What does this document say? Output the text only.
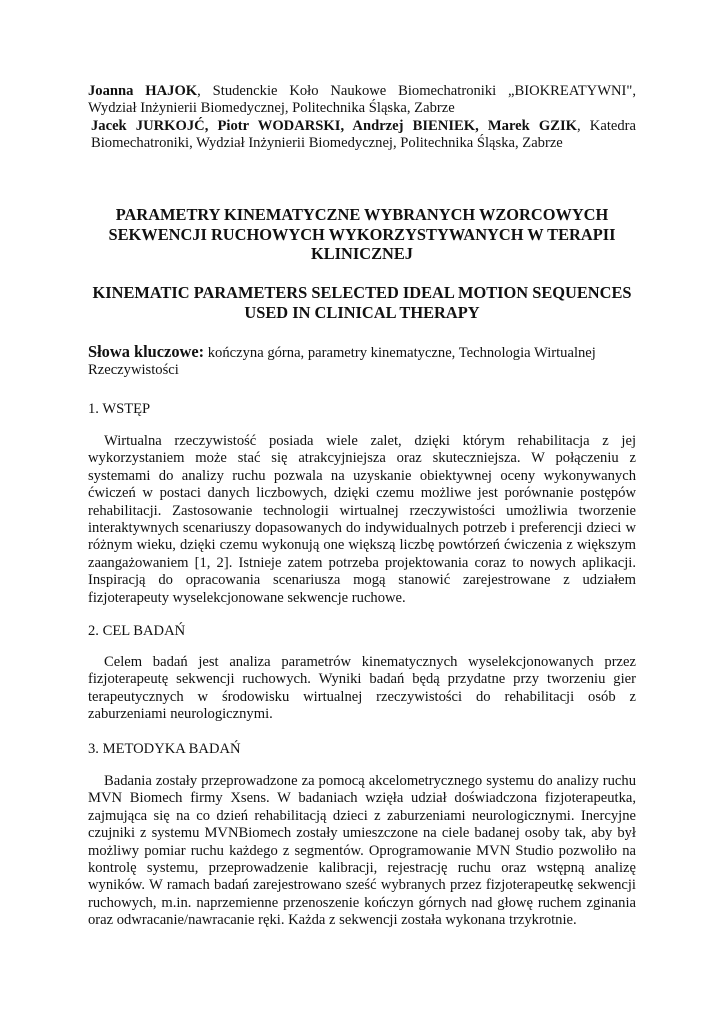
Joanna HAJOK, Studenckie Koło Naukowe Biomechatroniki „BIOKREATYWNI", Wydział Inżynierii Biomedycznej, Politechnika Śląska, Zabrze

Jacek JURKOJĆ, Piotr WODARSKI, Andrzej BIENIEK, Marek GZIK, Katedra Biomechatroniki, Wydział Inżynierii Biomedycznej, Politechnika Śląska, Zabrze

PARAMETRY KINEMATYCZNE WYBRANYCH WZORCOWYCH SEKWENCJI RUCHOWYCH WYKORZYSTYWANYCH W TERAPII KLINICZNEJ
KINEMATIC PARAMETERS SELECTED IDEAL MOTION SEQUENCES USED IN CLINICAL THERAPY

Słowa kluczowe: kończyna górna, parametry kinematyczne, Technologia Wirtualnej Rzeczywistości

1. WSTĘP

Wirtualna rzeczywistość posiada wiele zalet, dzięki którym rehabilitacja z jej wykorzystaniem może stać się atrakcyjniejsza oraz skuteczniejsza. W połączeniu z systemami do analizy ruchu pozwala na uzyskanie obiektywnej oceny wykonywanych ćwiczeń w postaci danych liczbowych, dzięki czemu możliwe jest porównanie postępów rehabilitacji. Zastosowanie technologii wirtualnej rzeczywistości umożliwia tworzenie interaktywnych scenariuszy dopasowanych do indywidualnych potrzeb i preferencji dzieci w różnym wieku, dzięki czemu wykonują one większą liczbę powtórzeń ćwiczenia z większym zaangażowaniem [1, 2]. Istnieje zatem potrzeba projektowania coraz to nowych aplikacji. Inspiracją do opracowania scenariusza mogą stanowić zarejestrowane z udziałem fizjoterapeuty wyselekcjonowane sekwencje ruchowe.

2. CEL BADAŃ

Celem badań jest analiza parametrów kinematycznych wyselekcjonowanych przez fizjoterapeutę sekwencji ruchowych. Wyniki badań będą przydatne przy tworzeniu gier terapeutycznych w środowisku wirtualnej rzeczywistości do rehabilitacji osób z zaburzeniami neurologicznymi.

3. METODYKA BADAŃ

Badania zostały przeprowadzone za pomocą akcelometrycznego systemu do analizy ruchu MVN Biomech firmy Xsens. W badaniach wzięła udział doświadczona fizjoterapeutka, zajmująca się na co dzień rehabilitacją dzieci z zaburzeniami neurologicznymi. Inercyjne czujniki z systemu MVNBiomech zostały umieszczone na ciele badanej osoby tak, aby był możliwy pomiar ruchu każdego z segmentów. Oprogramowanie MVN Studio pozwoliło na kontrolę systemu, przeprowadzenie kalibracji, rejestrację ruchu oraz wstępną analizę wyników. W ramach badań zarejestrowano sześć wybranych przez fizjoterapeutkę sekwencji ruchowych, m.in. naprzemienne przenoszenie kończyn górnych nad głowę ruchem zginania oraz odwracanie/nawracanie ręki. Każda z sekwencji została wykonana trzykrotnie.
